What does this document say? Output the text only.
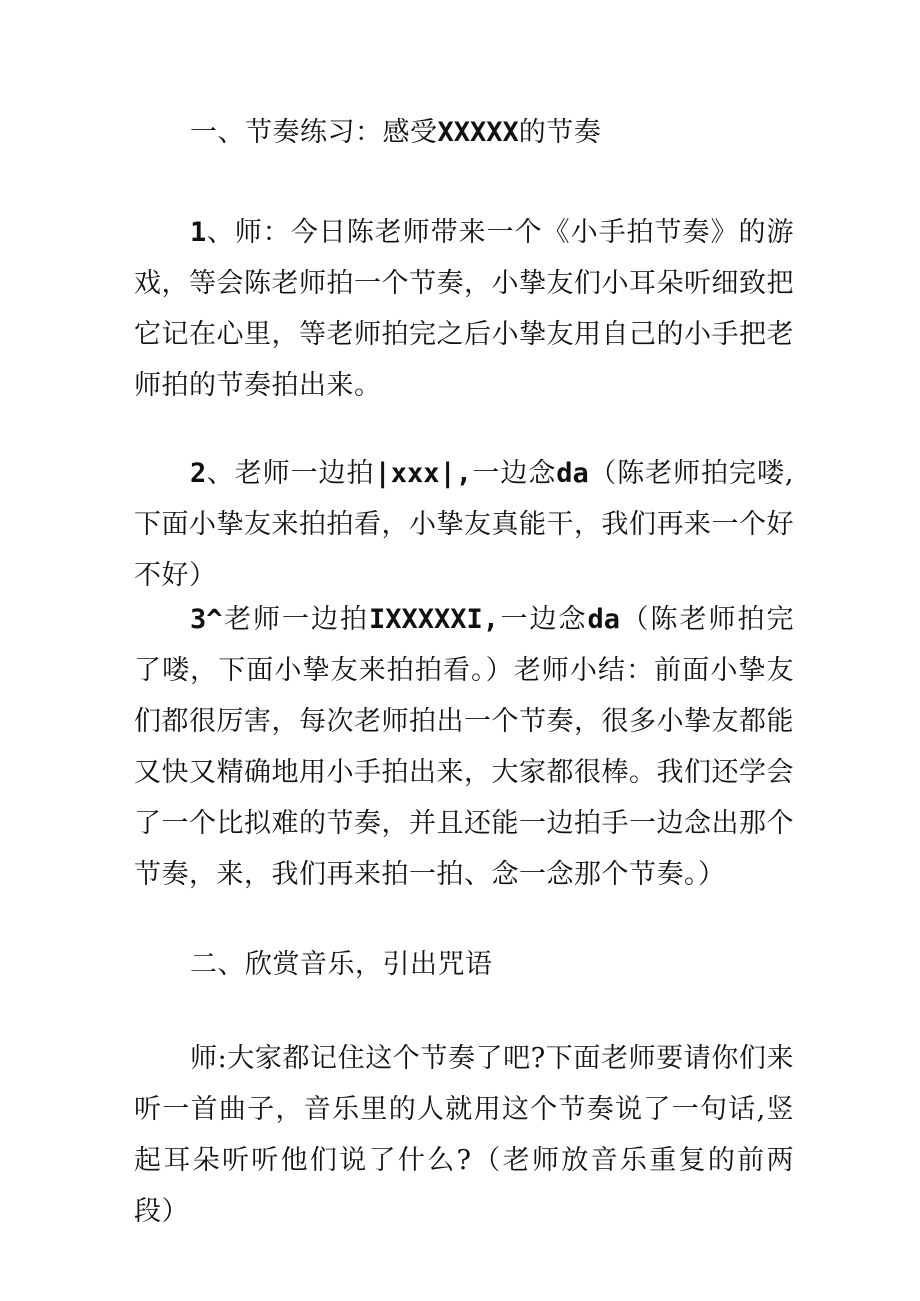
一、节奏练习：感受XXXXX的节奏
1、师：今日陈老师带来一个《小手拍节奏》的游戏，等会陈老师拍一个节奏，小挚友们小耳朵听细致把它记在心里，等老师拍完之后小挚友用自己的小手把老师拍的节奏拍出来。
2、老师一边拍|xxx|,一边念da（陈老师拍完喽,下面小挚友来拍拍看，小挚友真能干，我们再来一个好不好）
3^老师一边拍IXXXXXI,一边念da（陈老师拍完了喽，下面小挚友来拍拍看。）老师小结：前面小挚友们都很厉害，每次老师拍出一个节奏，很多小挚友都能又快又精确地用小手拍出来，大家都很棒。我们还学会了一个比拟难的节奏，并且还能一边拍手一边念出那个节奏，来，我们再来拍一拍、念一念那个节奏。）
二、欣赏音乐，引出咒语
师:大家都记住这个节奏了吧?下面老师要请你们来听一首曲子，音乐里的人就用这个节奏说了一句话,竖起耳朵听听他们说了什么?（老师放音乐重复的前两段）
